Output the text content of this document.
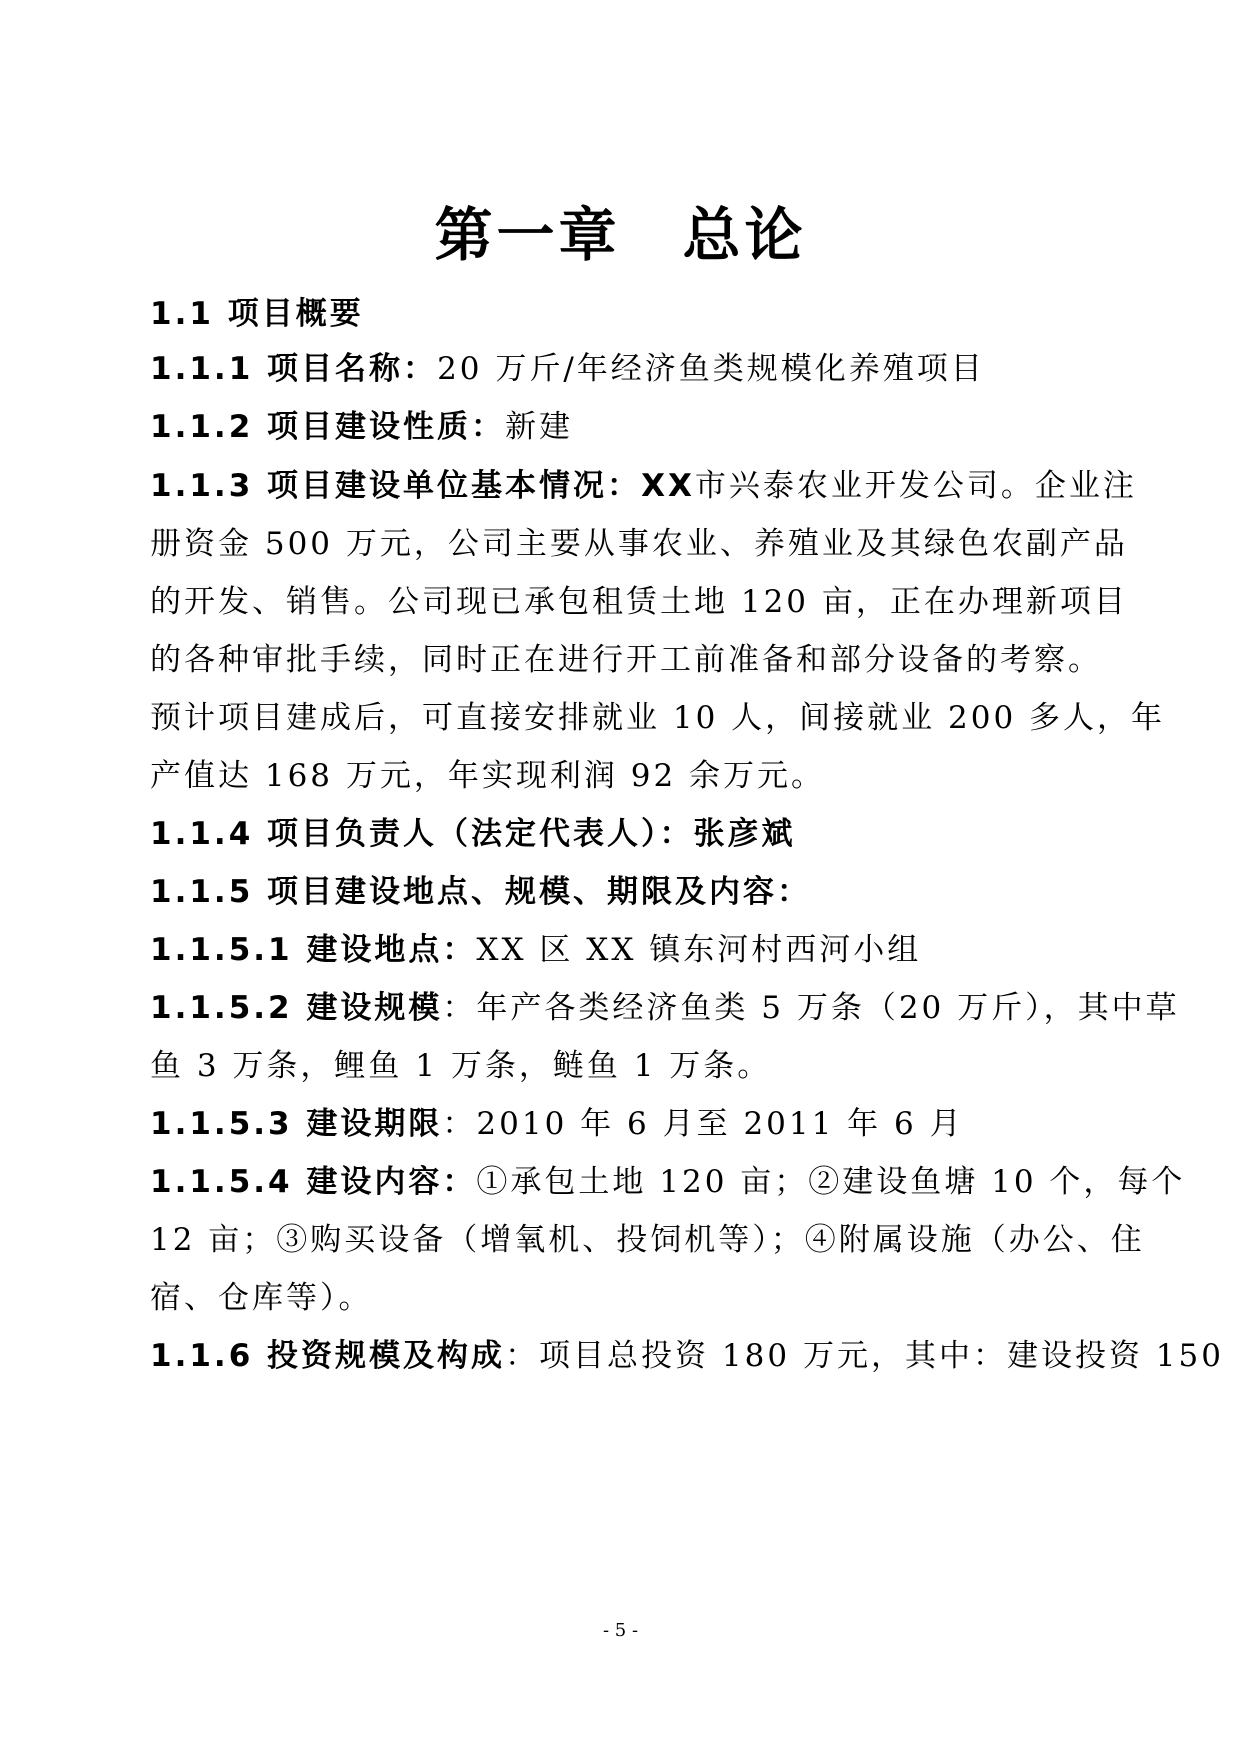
第一章 总论
1.1 项目概要
1.1.1 项目名称：20 万斤/年经济鱼类规模化养殖项目
1.1.2 项目建设性质：新建
1.1.3 项目建设单位基本情况：XX市兴泰农业开发公司。企业注
册资金 500 万元，公司主要从事农业、养殖业及其绿色农副产品
的开发、销售。公司现已承包租赁土地 120 亩，正在办理新项目
的各种审批手续，同时正在进行开工前准备和部分设备的考察。
预计项目建成后，可直接安排就业 10 人，间接就业 200 多人，年
产值达 168 万元，年实现利润 92 余万元。
1.1.4 项目负责人（法定代表人）：张彦斌
1.1.5 项目建设地点、规模、期限及内容：
1.1.5.1 建设地点：XX 区 XX 镇东河村西河小组
1.1.5.2 建设规模：年产各类经济鱼类 5 万条（20 万斤），其中草
鱼 3 万条，鲤鱼 1 万条，鲢鱼 1 万条。
1.1.5.3 建设期限：2010 年 6 月至 2011 年 6 月
1.1.5.4 建设内容：①承包土地 120 亩；②建设鱼塘 10 个，每个
12 亩；③购买设备（增氧机、投饲机等）；④附属设施（办公、住
宿、仓库等）。
1.1.6 投资规模及构成：项目总投资 180 万元，其中：建设投资 150
- 5 -
